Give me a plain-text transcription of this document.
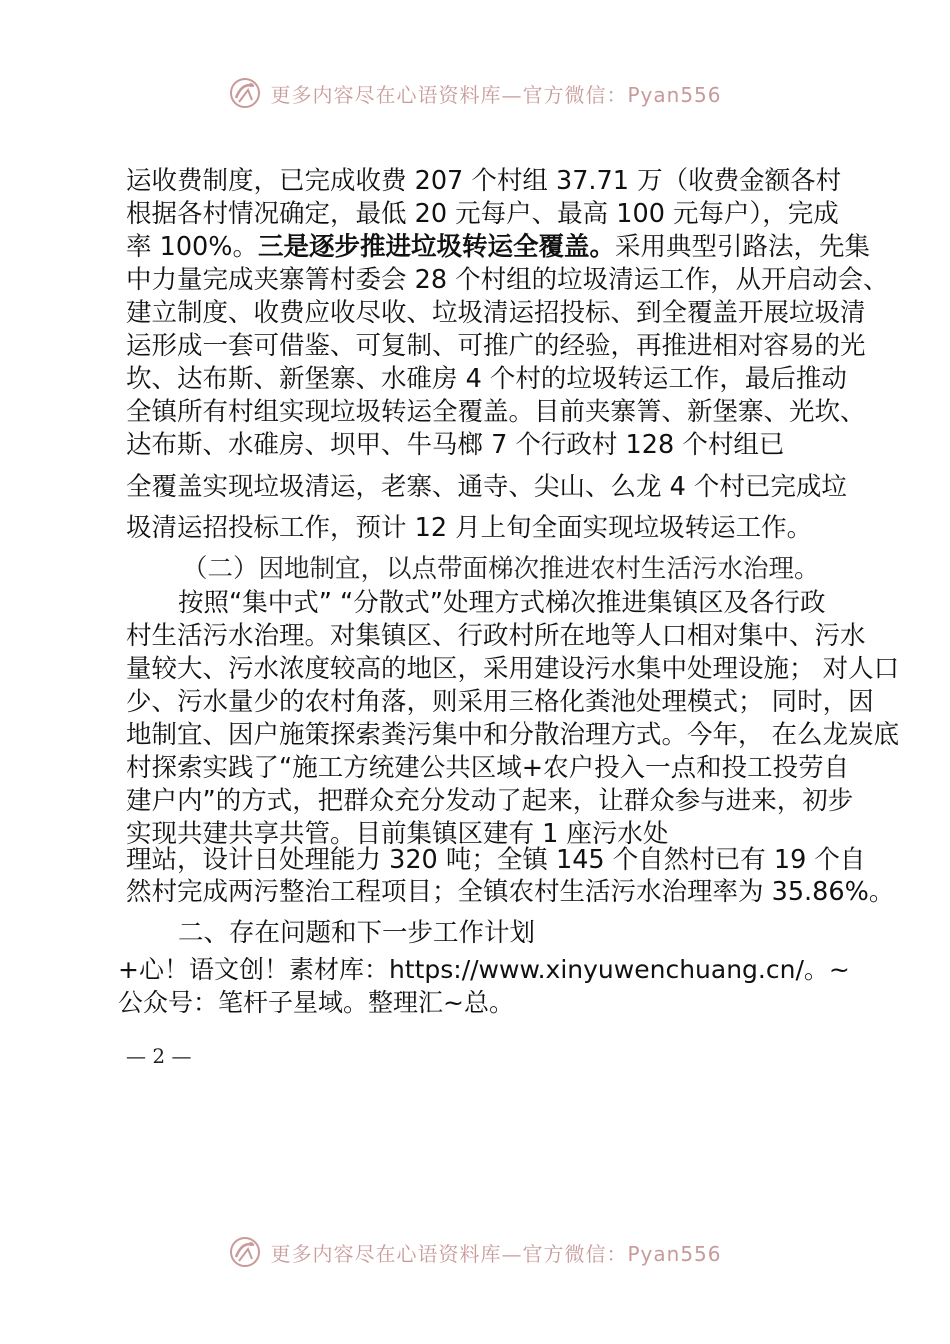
更多内容尽在心语资料库—官方微信：Pyan556
运收费制度，已完成收费 207 个村组 37.71 万（收费金额各村
根据各村情况确定，最低 20 元每户、最高 100 元每户），完成
率 100%。三是逐步推进垃圾转运全覆盖。采用典型引路法，先集
中力量完成夹寨箐村委会 28 个村组的垃圾清运工作，从开启动会、
建立制度、收费应收尽收、垃圾清运招投标、到全覆盖开展垃圾清
运形成一套可借鉴、可复制、可推广的经验，再推进相对容易的光
坎、达布斯、新堡寨、水碓房 4 个村的垃圾转运工作，最后推动
全镇所有村组实现垃圾转运全覆盖。目前夹寨箐、新堡寨、光坎、
达布斯、水碓房、坝甲、牛马榔 7 个行政村 128 个村组已
全覆盖实现垃圾清运，老寨、通寺、尖山、么龙 4 个村已完成垃
圾清运招投标工作，预计 12 月上旬全面实现垃圾转运工作。
（二）因地制宜，以点带面梯次推进农村生活污水治理。
按照“集中式” “分散式”处理方式梯次推进集镇区及各行政
村生活污水治理。对集镇区、行政村所在地等人口相对集中、污水
量较大、污水浓度较高的地区，采用建设污水集中处理设施； 对人口
少、污水量少的农村角落，则采用三格化粪池处理模式； 同时，因
地制宜、因户施策探索粪污集中和分散治理方式。今年， 在么龙炭底
村探索实践了“施工方统建公共区域+农户投入一点和投工投劳自
建户内”的方式，把群众充分发动了起来，让群众参与进来，初步
实现共建共享共管。目前集镇区建有 1 座污水处
理站，设计日处理能力 320 吨；全镇 145 个自然村已有 19 个自
然村完成两污整治工程项目；全镇农村生活污水治理率为 35.86%。
二、存在问题和下一步工作计划
+心！语文创！素材库：https://www.xinyuwenchuang.cn/。~
公众号：笔杆子星域。整理汇~总。
— 2 —
更多内容尽在心语资料库—官方微信：Pyan556
